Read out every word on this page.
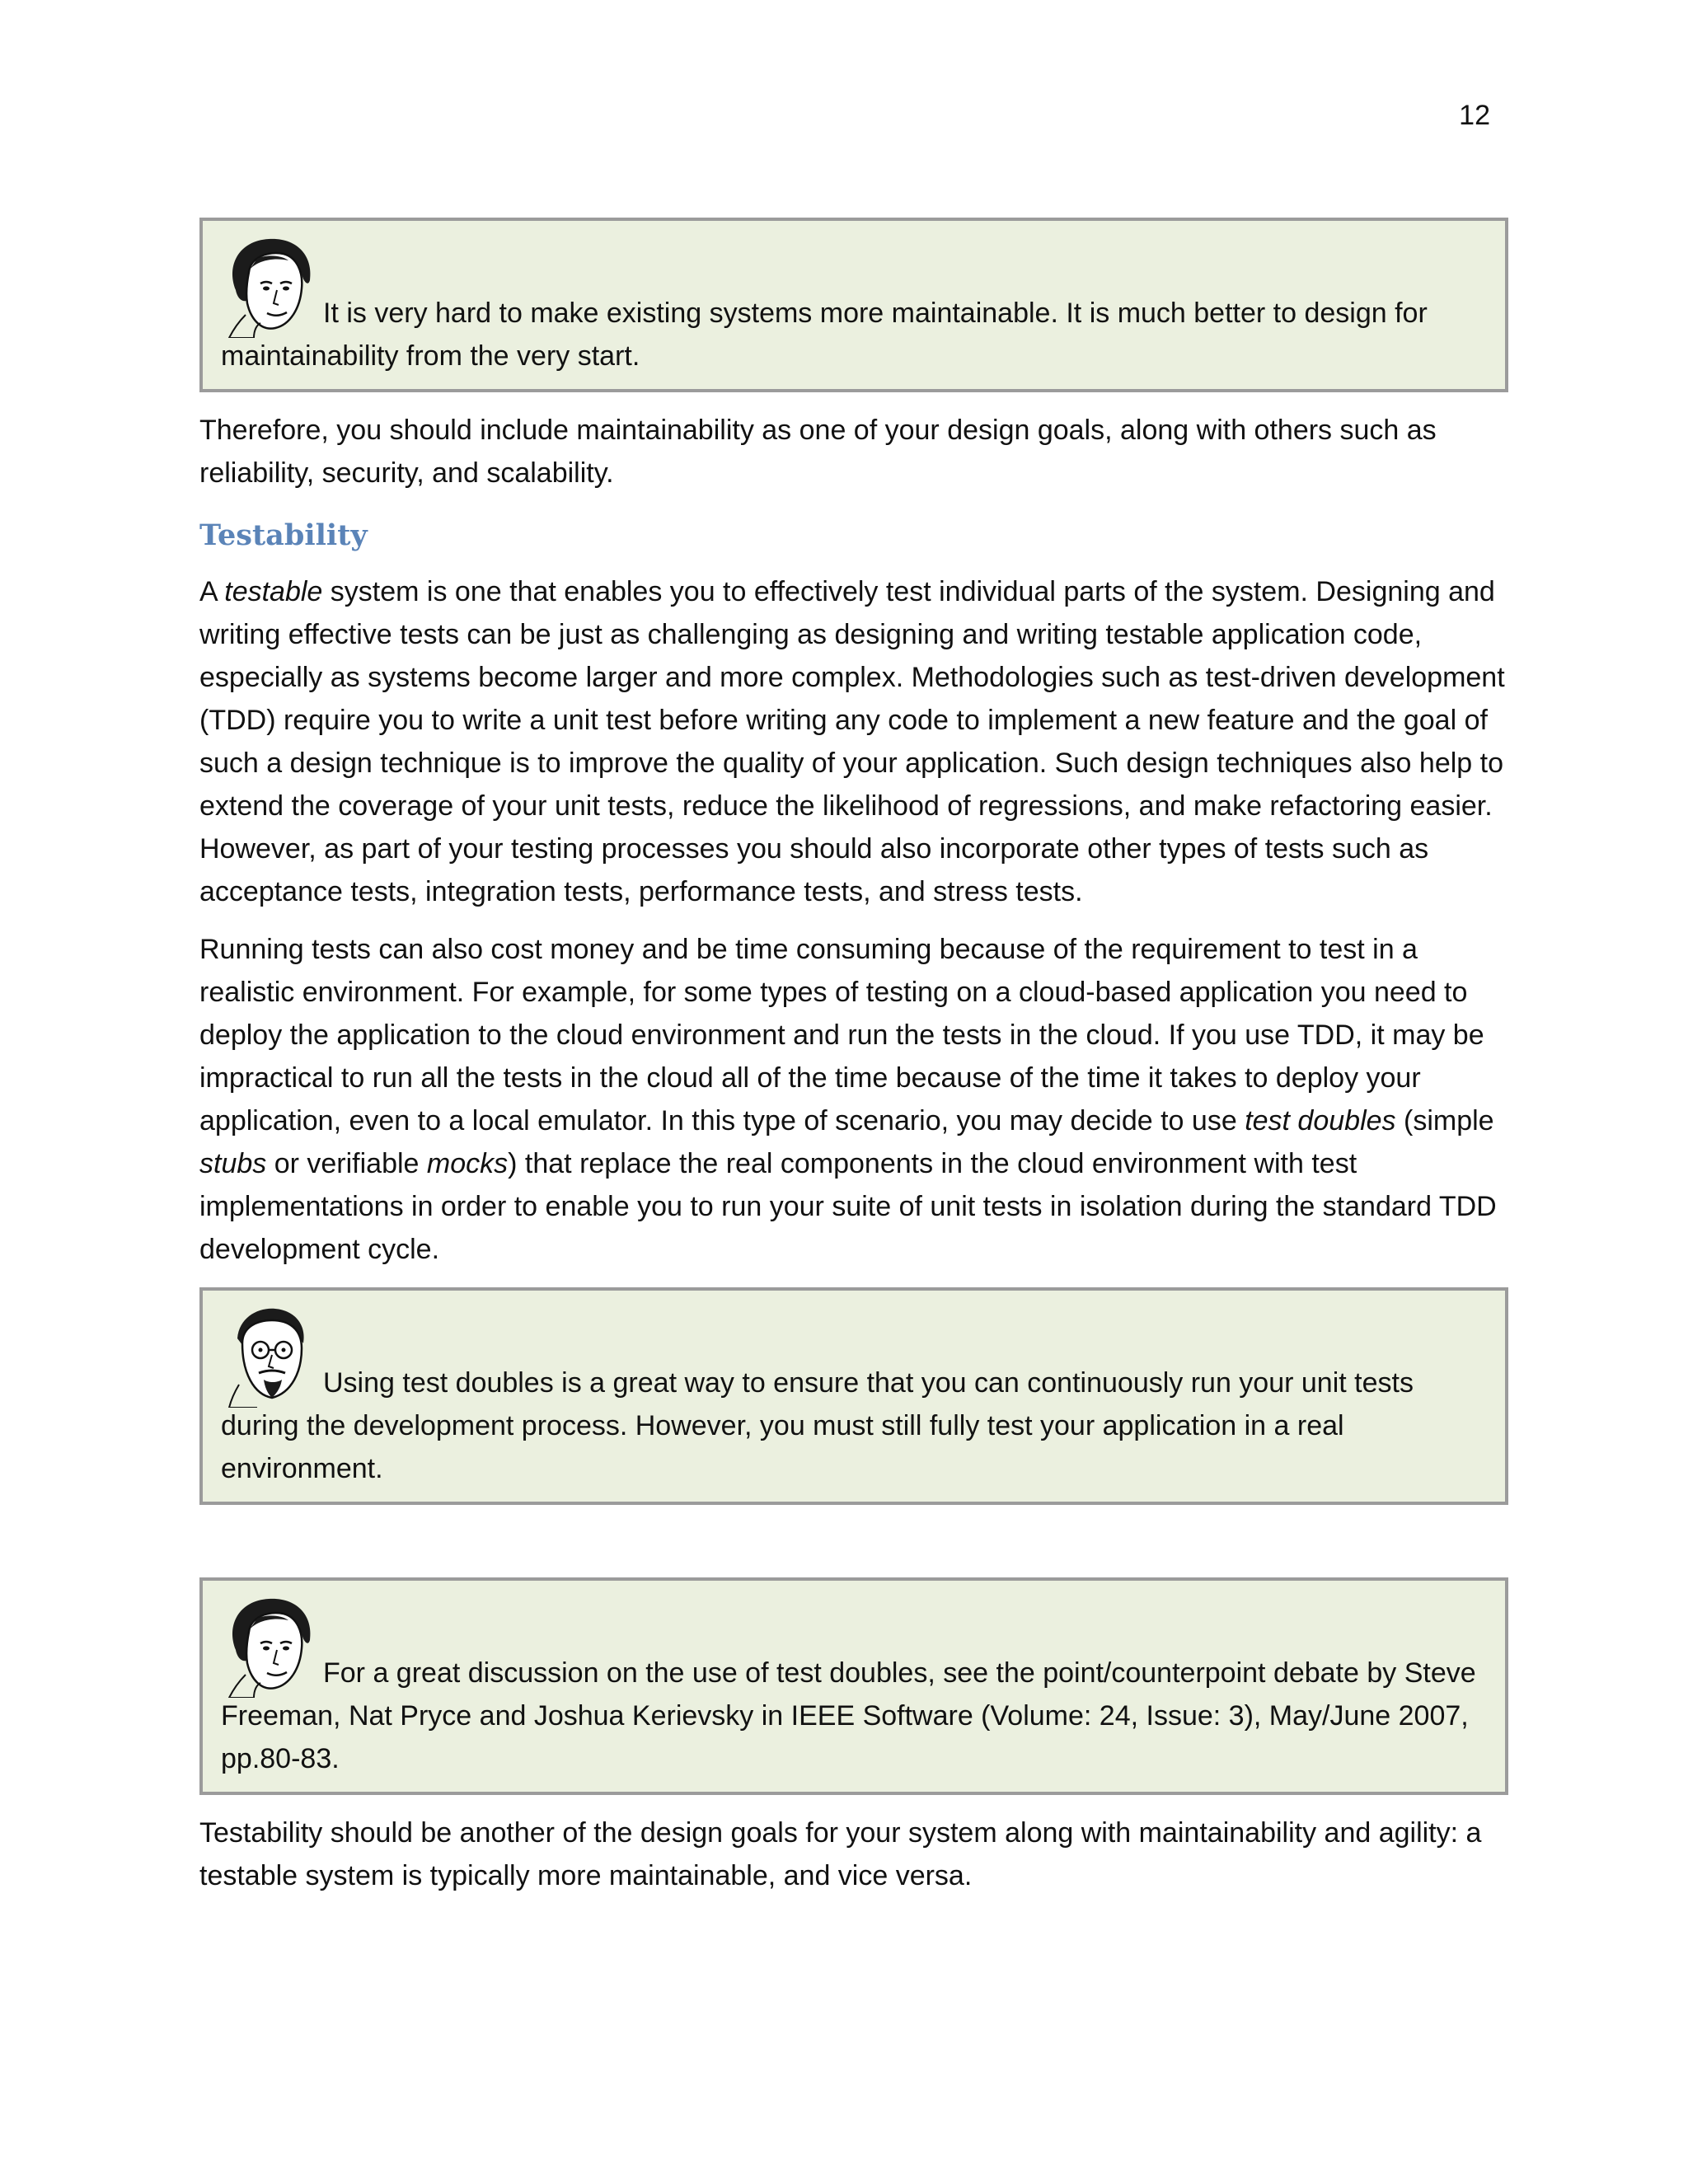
12
It is very hard to make existing systems more maintainable. It is much better to design for maintainability from the very start.

Therefore, you should include maintainability as one of your design goals, along with others such as reliability, security, and scalability.

Testability

A testable system is one that enables you to effectively test individual parts of the system. Designing and writing effective tests can be just as challenging as designing and writing testable application code, especially as systems become larger and more complex. Methodologies such as test-driven development (TDD) require you to write a unit test before writing any code to implement a new feature and the goal of such a design technique is to improve the quality of your application. Such design techniques also help to extend the coverage of your unit tests, reduce the likelihood of regressions, and make refactoring easier. However, as part of your testing processes you should also incorporate other types of tests such as acceptance tests, integration tests, performance tests, and stress tests.

Running tests can also cost money and be time consuming because of the requirement to test in a realistic environment. For example, for some types of testing on a cloud-based application you need to deploy the application to the cloud environment and run the tests in the cloud. If you use TDD, it may be impractical to run all the tests in the cloud all of the time because of the time it takes to deploy your application, even to a local emulator. In this type of scenario, you may decide to use test doubles (simple stubs or verifiable mocks) that replace the real components in the cloud environment with test implementations in order to enable you to run your suite of unit tests in isolation during the standard TDD development cycle.

Using test doubles is a great way to ensure that you can continuously run your unit tests during the development process. However, you must still fully test your application in a real environment.
For a great discussion on the use of test doubles, see the point/counterpoint debate by Steve Freeman, Nat Pryce and Joshua Kerievsky in IEEE Software (Volume: 24, Issue: 3), May/June 2007, pp.80-83.

Testability should be another of the design goals for your system along with maintainability and agility: a testable system is typically more maintainable, and vice versa.
